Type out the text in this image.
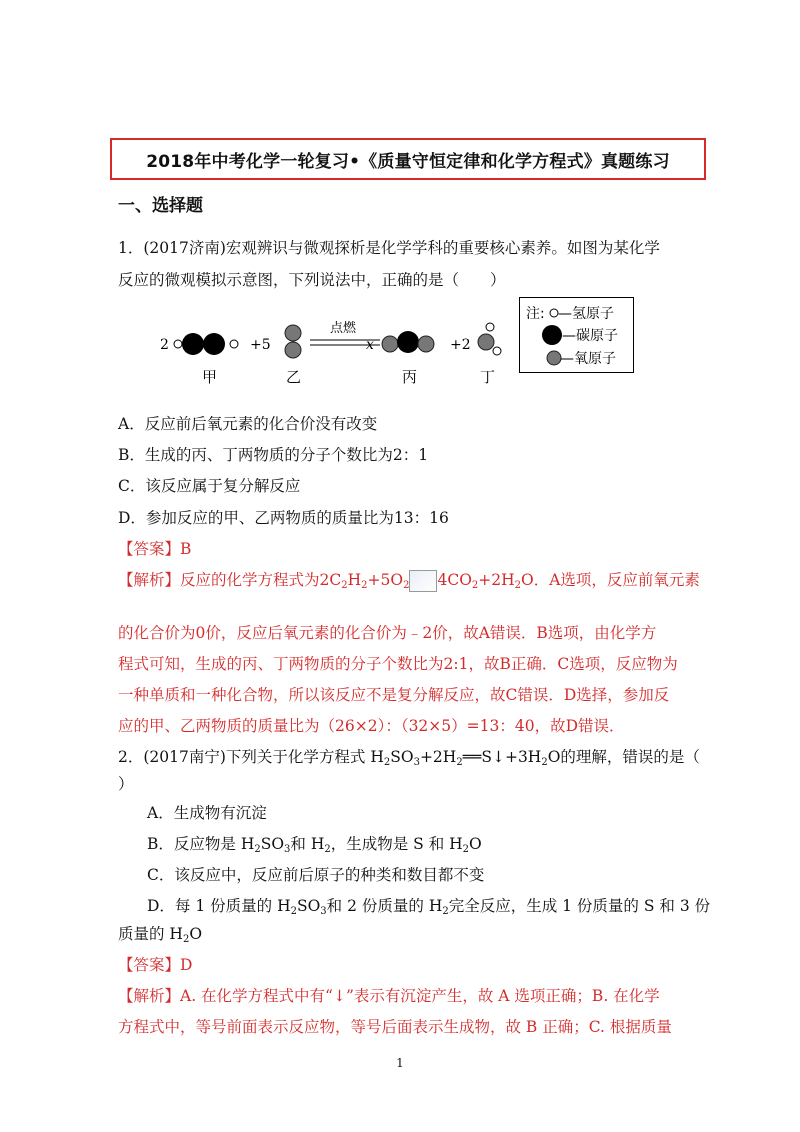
2018年中考化学一轮复习•《质量守恒定律和化学方程式》真题练习
一、选择题
1．(2017济南)宏观辨识与微观探析是化学学科的重要核心素养。如图为某化学
反应的微观模拟示意图，下列说法中，正确的是（　　）
2	+5
点燃
x	+2
甲	乙	丙	丁
注: —氢原子
—碳原子
—氧原子
A．反应前后氧元素的化合价没有改变
B．生成的丙、丁两物质的分子个数比为2：1
C．该反应属于复分解反应
D．参加反应的甲、乙两物质的质量比为13：16
【答案】B
【解析】反应的化学方程式为$2C_2H_2+5O_2$ $4CO_2+2H_2O$．A选项，反应前氧元素
的化合价为0价，反应后氧元素的化合价为﹣2价，故A错误．B选项，由化学方
程式可知，生成的丙、丁两物质的分子个数比为2:1，故B正确．C选项，反应物为
一种单质和一种化合物，所以该反应不是复分解反应，故C错误．D选择，参加反
应的甲、乙两物质的质量比为（26×2）：（32×5）=13：40，故D错误．
2．(2017南宁)下列关于化学方程式 $H_2SO_3+2H_2══S↓+3H_2O$的理解，错误的是（
）
A．生成物有沉淀
B．反应物是 $H_2SO_3$和 $H_2$，生成物是 S 和 $H_2O$
C．该反应中，反应前后原子的种类和数目都不变
D．每 1 份质量的 $H_2SO_3$和 2 份质量的 $H_2$完全反应，生成 1 份质量的 S 和 3 份
质量的 $H_2O$
【答案】D
【解析】A. 在化学方程式中有“↓”表示有沉淀产生，故 A 选项正确；B. 在化学
方程式中，等号前面表示反应物，等号后面表示生成物，故 B 正确；C. 根据质量
1
